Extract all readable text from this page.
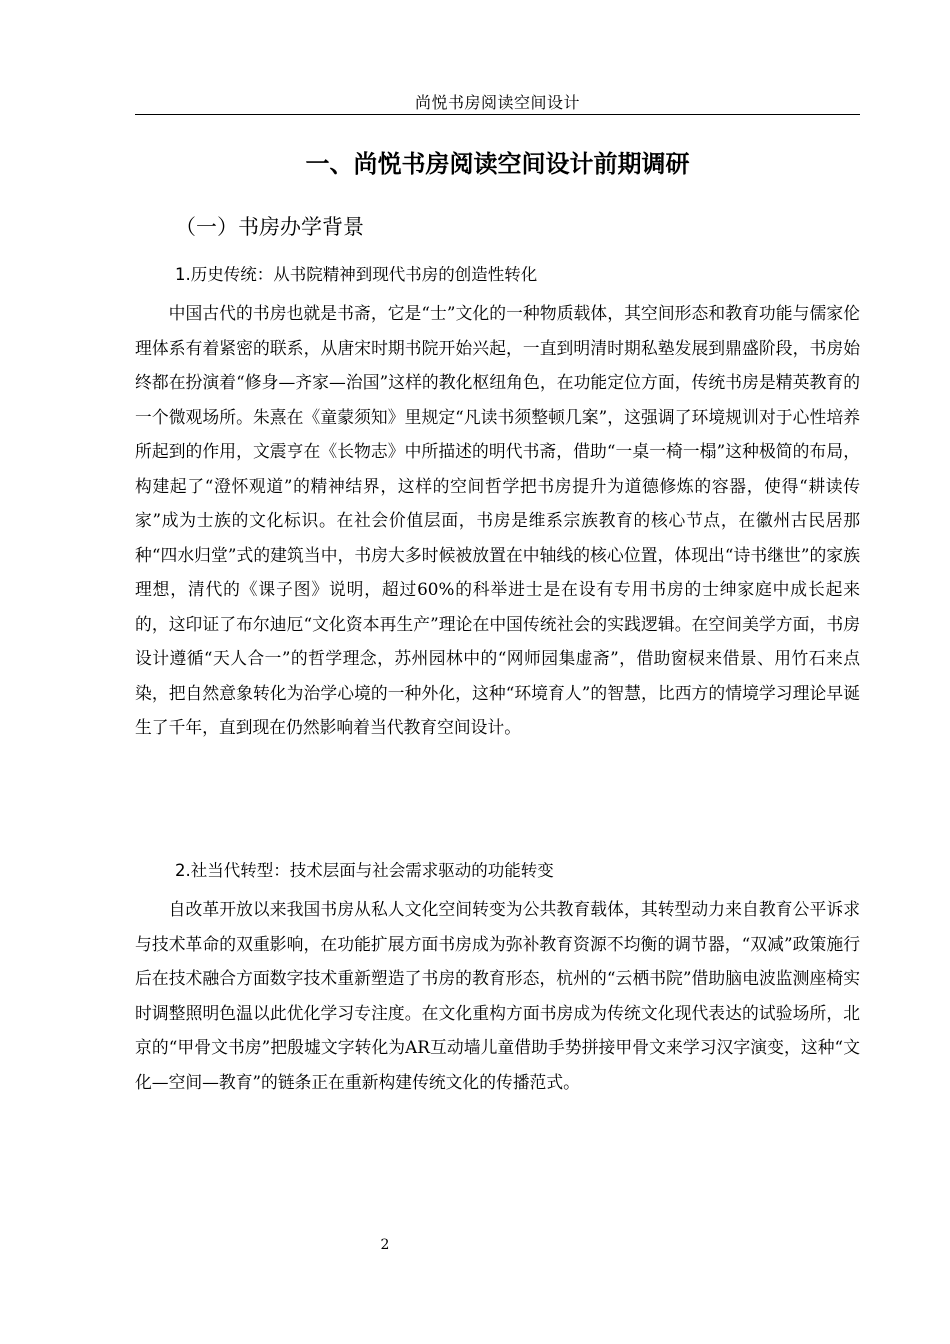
尚悦书房阅读空间设计
一、尚悦书房阅读空间设计前期调研
（一）书房办学背景
1.历史传统：从书院精神到现代书房的创造性转化

中国古代的书房也就是书斋，它是“士”文化的一种物质载体，其空间形态和教育功能与儒家伦理体系有着紧密的联系，从唐宋时期书院开始兴起，一直到明清时期私塾发展到鼎盛阶段，书房始终都在扮演着“修身—齐家—治国”这样的教化枢纽角色，在功能定位方面，传统书房是精英教育的一个微观场所。朱熹在《童蒙须知》里规定“凡读书须整顿几案”，这强调了环境规训对于心性培养所起到的作用，文震亨在《长物志》中所描述的明代书斋，借助“一桌一椅一榻”这种极简的布局，构建起了“澄怀观道”的精神结界，这样的空间哲学把书房提升为道德修炼的容器，使得“耕读传家”成为士族的文化标识。在社会价值层面，书房是维系宗族教育的核心节点，在徽州古民居那种“四水归堂”式的建筑当中，书房大多时候被放置在中轴线的核心位置，体现出“诗书继世”的家族理想，清代的《课子图》说明，超过60%的科举进士是在设有专用书房的士绅家庭中成长起来的，这印证了布尔迪厄“文化资本再生产”理论在中国传统社会的实践逻辑。在空间美学方面，书房设计遵循“天人合一”的哲学理念，苏州园林中的“网师园集虚斋”，借助窗棂来借景、用竹石来点染，把自然意象转化为治学心境的一种外化，这种“环境育人”的智慧，比西方的情境学习理论早诞生了千年，直到现在仍然影响着当代教育空间设计。

2.社当代转型：技术层面与社会需求驱动的功能转变

自改革开放以来我国书房从私人文化空间转变为公共教育载体，其转型动力来自教育公平诉求与技术革命的双重影响，在功能扩展方面书房成为弥补教育资源不均衡的调节器，“双减”政策施行后在技术融合方面数字技术重新塑造了书房的教育形态，杭州的“云栖书院”借助脑电波监测座椅实时调整照明色温以此优化学习专注度。在文化重构方面书房成为传统文化现代表达的试验场所，北京的“甲骨文书房”把殷墟文字转化为AR互动墙儿童借助手势拼接甲骨文来学习汉字演变，这种“文化—空间—教育”的链条正在重新构建传统文化的传播范式。

2
